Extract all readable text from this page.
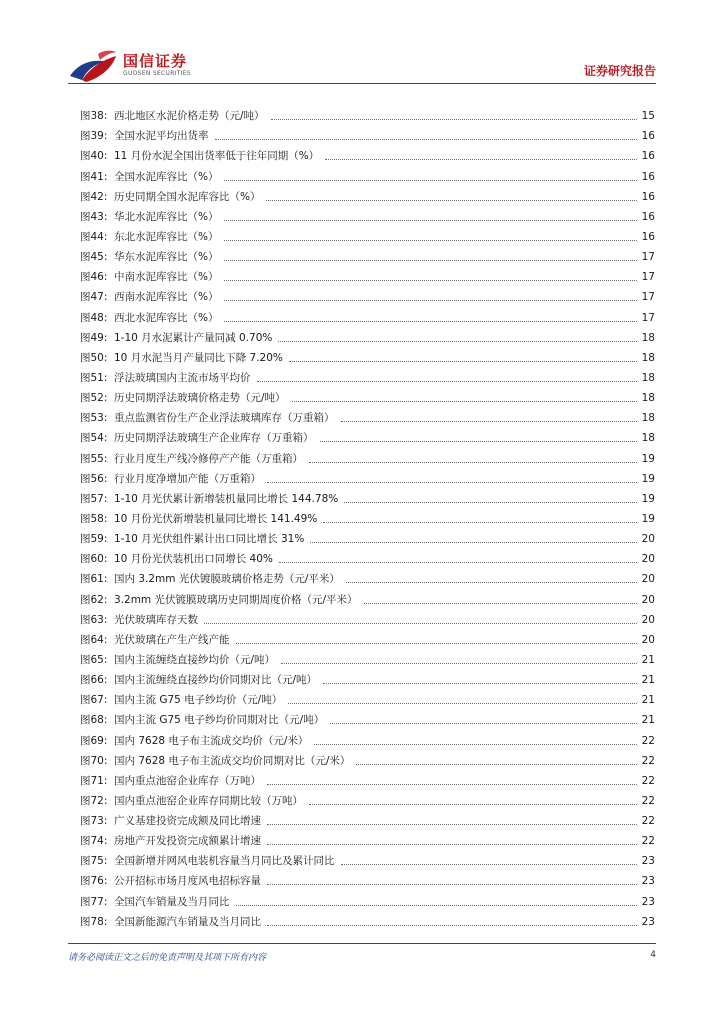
国信证券
GUOSEN SECURITIES	证券研究报告
图38: 西北地区水泥价格走势（元/吨）	15
图39: 全国水泥平均出货率	16
图40: 11 月份水泥全国出货率低于往年同期（%）	16
图41: 全国水泥库容比（%）	16
图42: 历史同期全国水泥库容比（%）	16
图43: 华北水泥库容比（%）	16
图44: 东北水泥库容比（%）	16
图45: 华东水泥库容比（%）	17
图46: 中南水泥库容比（%）	17
图47: 西南水泥库容比（%）	17
图48: 西北水泥库容比（%）	17
图49: 1-10 月水泥累计产量同减 0.70%	18
图50: 10 月水泥当月产量同比下降 7.20%	18
图51: 浮法玻璃国内主流市场平均价	18
图52: 历史同期浮法玻璃价格走势（元/吨）	18
图53: 重点监测省份生产企业浮法玻璃库存（万重箱）	18
图54: 历史同期浮法玻璃生产企业库存（万重箱）	18
图55: 行业月度生产线冷修停产产能（万重箱）	19
图56: 行业月度净增加产能（万重箱）	19
图57: 1-10 月光伏累计新增装机量同比增长 144.78%	19
图58: 10 月份光伏新增装机量同比增长 141.49%	19
图59: 1-10 月光伏组件累计出口同比增长 31%	20
图60: 10 月份光伏装机出口同增长 40%	20
图61: 国内 3.2mm 光伏镀膜玻璃价格走势（元/平米）	20
图62: 3.2mm 光伏镀膜玻璃历史同期周度价格（元/平米）	20
图63: 光伏玻璃库存天数	20
图64: 光伏玻璃在产生产线产能	20
图65: 国内主流缠绕直接纱均价（元/吨）	21
图66: 国内主流缠绕直接纱均价同期对比（元/吨）	21
图67: 国内主流 G75 电子纱均价（元/吨）	21
图68: 国内主流 G75 电子纱均价同期对比（元/吨）	21
图69: 国内 7628 电子布主流成交均价（元/米）	22
图70: 国内 7628 电子布主流成交均价同期对比（元/米）	22
图71: 国内重点池窑企业库存（万吨）	22
图72: 国内重点池窑企业库存同期比较（万吨）	22
图73: 广义基建投资完成额及同比增速	22
图74: 房地产开发投资完成额累计增速	22
图75: 全国新增并网风电装机容量当月同比及累计同比	23
图76: 公开招标市场月度风电招标容量	23
图77: 全国汽车销量及当月同比	23
图78: 全国新能源汽车销量及当月同比	23
请务必阅读正文之后的免责声明及其项下所有内容	4
